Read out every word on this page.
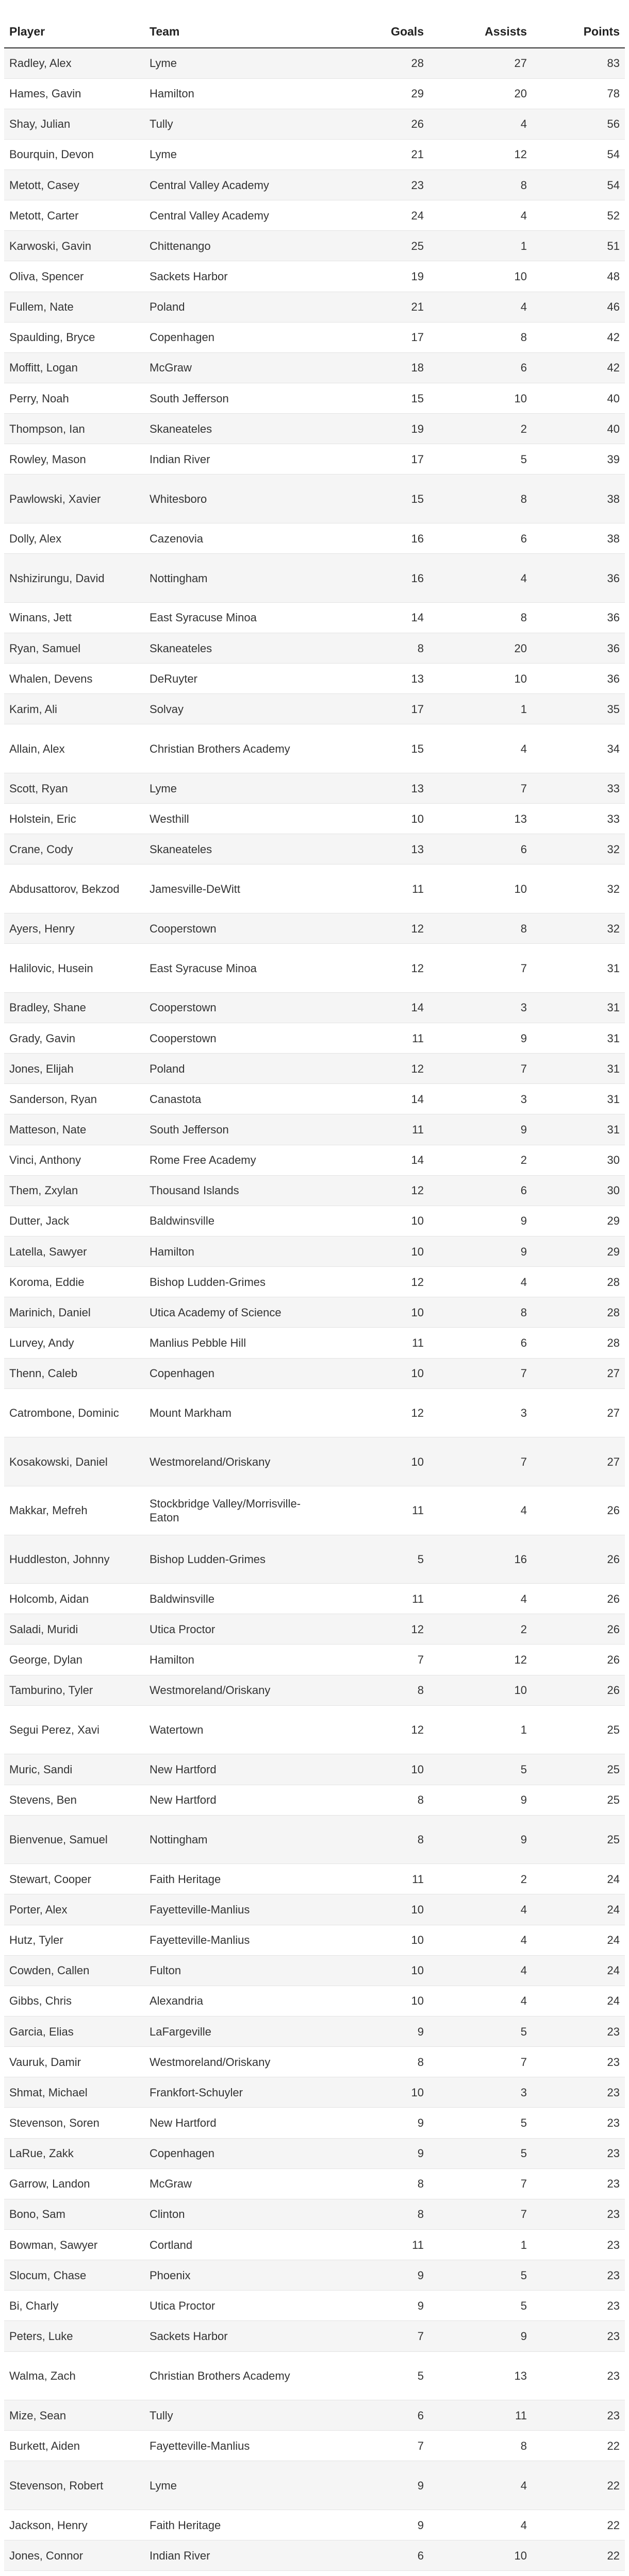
Player	Team	Goals	Assists	Points
Radley, Alex	Lyme	28	27	83
Hames, Gavin	Hamilton	29	20	78
Shay, Julian	Tully	26	4	56
Bourquin, Devon	Lyme	21	12	54
Metott, Casey	Central Valley Academy	23	8	54
Metott, Carter	Central Valley Academy	24	4	52
Karwoski, Gavin	Chittenango	25	1	51
Oliva, Spencer	Sackets Harbor	19	10	48
Fullem, Nate	Poland	21	4	46
Spaulding, Bryce	Copenhagen	17	8	42
Moffitt, Logan	McGraw	18	6	42
Perry, Noah	South Jefferson	15	10	40
Thompson, Ian	Skaneateles	19	2	40
Rowley, Mason	Indian River	17	5	39
Pawlowski, Xavier	Whitesboro	15	8	38
Dolly, Alex	Cazenovia	16	6	38
Nshizirungu, David	Nottingham	16	4	36
Winans, Jett	East Syracuse Minoa	14	8	36
Ryan, Samuel	Skaneateles	8	20	36
Whalen, Devens	DeRuyter	13	10	36
Karim, Ali	Solvay	17	1	35
Allain, Alex	Christian Brothers Academy	15	4	34
Scott, Ryan	Lyme	13	7	33
Holstein, Eric	Westhill	10	13	33
Crane, Cody	Skaneateles	13	6	32
Abdusattorov, Bekzod	Jamesville-DeWitt	11	10	32
Ayers, Henry	Cooperstown	12	8	32
Halilovic, Husein	East Syracuse Minoa	12	7	31
Bradley, Shane	Cooperstown	14	3	31
Grady, Gavin	Cooperstown	11	9	31
Jones, Elijah	Poland	12	7	31
Sanderson, Ryan	Canastota	14	3	31
Matteson, Nate	South Jefferson	11	9	31
Vinci, Anthony	Rome Free Academy	14	2	30
Them, Zxylan	Thousand Islands	12	6	30
Dutter, Jack	Baldwinsville	10	9	29
Latella, Sawyer	Hamilton	10	9	29
Koroma, Eddie	Bishop Ludden-Grimes	12	4	28
Marinich, Daniel	Utica Academy of Science	10	8	28
Lurvey, Andy	Manlius Pebble Hill	11	6	28
Thenn, Caleb	Copenhagen	10	7	27
Catrombone, Dominic	Mount Markham	12	3	27
Kosakowski, Daniel	Westmoreland/Oriskany	10	7	27
Makkar, Mefreh	Stockbridge Valley/Morrisville-Eaton	11	4	26
Huddleston, Johnny	Bishop Ludden-Grimes	5	16	26
Holcomb, Aidan	Baldwinsville	11	4	26
Saladi, Muridi	Utica Proctor	12	2	26
George, Dylan	Hamilton	7	12	26
Tamburino, Tyler	Westmoreland/Oriskany	8	10	26
Segui Perez, Xavi	Watertown	12	1	25
Muric, Sandi	New Hartford	10	5	25
Stevens, Ben	New Hartford	8	9	25
Bienvenue, Samuel	Nottingham	8	9	25
Stewart, Cooper	Faith Heritage	11	2	24
Porter, Alex	Fayetteville-Manlius	10	4	24
Hutz, Tyler	Fayetteville-Manlius	10	4	24
Cowden, Callen	Fulton	10	4	24
Gibbs, Chris	Alexandria	10	4	24
Garcia, Elias	LaFargeville	9	5	23
Vauruk, Damir	Westmoreland/Oriskany	8	7	23
Shmat, Michael	Frankfort-Schuyler	10	3	23
Stevenson, Soren	New Hartford	9	5	23
LaRue, Zakk	Copenhagen	9	5	23
Garrow, Landon	McGraw	8	7	23
Bono, Sam	Clinton	8	7	23
Bowman, Sawyer	Cortland	11	1	23
Slocum, Chase	Phoenix	9	5	23
Bi, Charly	Utica Proctor	9	5	23
Peters, Luke	Sackets Harbor	7	9	23
Walma, Zach	Christian Brothers Academy	5	13	23
Mize, Sean	Tully	6	11	23
Burkett, Aiden	Fayetteville-Manlius	7	8	22
Stevenson, Robert	Lyme	9	4	22
Jackson, Henry	Faith Heritage	9	4	22
Jones, Connor	Indian River	6	10	22
